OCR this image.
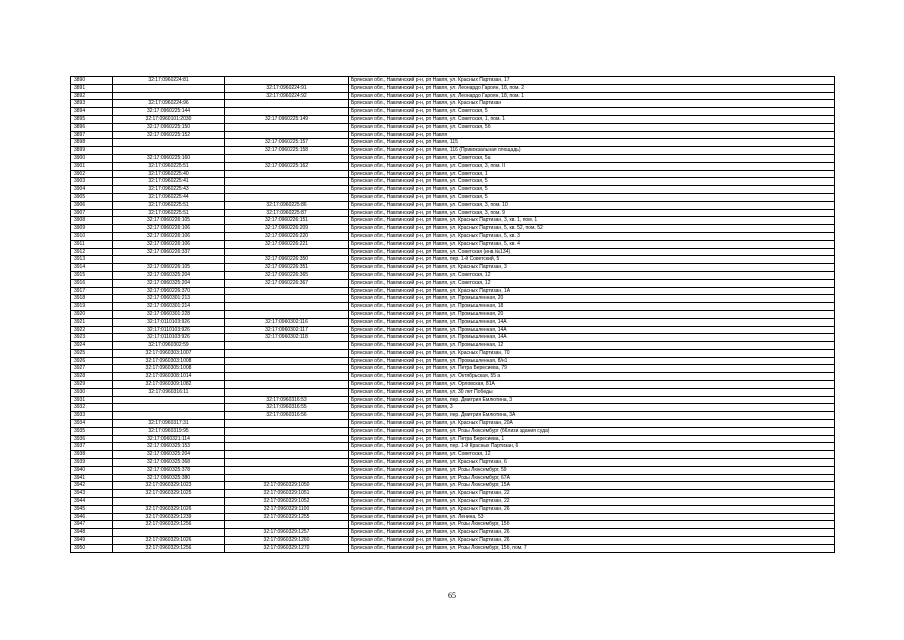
3890	32:17:0960224:81		Брянская обл., Навлинский р-н, рп Навля, ул. Красных Партизан, 17
3891		32:17:0960224:91	Брянская обл., Навлинский р-н, рп Навля, ул. Леонардо Гароян, 18, пом. 2
3892		32:17:0960224:92	Брянская обл., Навлинский р-н, рп Навля, ул. Леонардо Гароян, 18, пом. 1
3893	32:17:0960224:96		Брянская обл., Навлинский р-н, рп Навля, ул. Красных Партизан
3894	32:17:0960225:144		Брянская обл., Навлинский р-н, рп Навля, ул. Советская, 5
3895	32:17:0960101:2030	32:17:0960225:149	Брянская обл., Навлинский р-н, рп Навля, ул. Советская, 1, пом. 1
3896	32:17:0960225:150		Брянская обл., Навлинский р-н, рп Навля, ул. Советская, 5б
3897	32:17:0960225:152		Брянская обл., Навлинский р-н, рп Навля
3898		32:17:0960225:157	Брянская обл., Навлинский р-н, рп Навля, 115
3899		32:17:0960225:158	Брянская обл., Навлинский р-н, рп Навля, 116 (Привокзальная площадь)
3900	32:17:0960225:160		Брянская обл., Навлинский р-н, рп Навля, ул. Советская, 5а
3901	32:17:0960225:51	32:17:0960225:162	Брянская обл., Навлинский р-н, рп Навля, ул. Советская, 3, пом. II
3902	32:17:0960225:40		Брянская обл., Навлинский р-н, рп Навля, ул. Советская, 1
3903	32:17:0960225:41		Брянская обл., Навлинский р-н, рп Навля, ул. Советская, 5
3904	32:17:0960225:43		Брянская обл., Навлинский р-н, рп Навля, ул. Советская, 5
3905	32:17:0960225:44		Брянская обл., Навлинский р-н, рп Навля, ул. Советская, 5
3906	32:17:0960225:51	32:17:0960225:86	Брянская обл., Навлинский р-н, рп Навля, ул. Советская, 3, пом. 10
3907	32:17:0960225:51	32:17:0960225:87	Брянская обл., Навлинский р-н, рп Навля, ул. Советская, 3, пом. 9
3908	32:17:0960226:105	32:17:0960226:151	Брянская обл., Навлинский р-н, рп Навля, ул. Красных Партизан, 3, кв. 1, пом. 1
3909	32:17:0960226:106	32:17:0960226:209	Брянская обл., Навлинский р-н, рп Навля, ул. Красных Партизан, 5, кв. 52, пом. 52
3910	32:17:0960226:106	32:17:0960226:220	Брянская обл., Навлинский р-н, рп Навля, ул. Красных Партизан, 5, кв. 3
3911	32:17:0960226:106	32:17:0960226:221	Брянская обл., Навлинский р-н, рп Навля, ул. Красных Партизан, 5, кв. 4
3912	32:17:0960226:337		Брянская обл., Навлинский р-н, рп Навля, ул. Советская (инв.№134)
3913		32:17:0960226:350	Брянская обл., Навлинский р-н, рп Навля, пер. 1-й Советский, 5
3914	32:17:0960226:105	32:17:0960226:351	Брянская обл., Навлинский р-н, рп Навля, ул. Красных Партизан, 3
3915	32:17:0960325:204	32:17:0960226:365	Брянская обл., Навлинский р-н, рп Навля, ул. Советская, 12
3916	32:17:0960325:204	32:17:0960226:367	Брянская обл., Навлинский р-н, рп Навля, ул. Советская, 12
3917	32:17:0960226:370		Брянская обл., Навлинский р-н, рп Навля, ул. Красных Партизан, 1А
3918	32:17:0960301:213		Брянская обл., Навлинский р-н, рп Навля, ул. Промышленная, 20
3919	32:17:0960301:214		Брянская обл., Навлинский р-н, рп Навля, ул. Промышленная, 18
3920	32:17:0960301:228		Брянская обл., Навлинский р-н, рп Навля, ул. Промышленная, 20
3921	32:17:0110103:926	32:17:0960302:116	Брянская обл., Навлинский р-н, рп Навля, ул. Промышленная, 14А
3922	32:17:0110103:926	32:17:0960302:117	Брянская обл., Навлинский р-н, рп Навля, ул. Промышленная, 14А
3923	32:17:0110103:926	32:17:0960302:118	Брянская обл., Навлинский р-н, рп Навля, ул. Промышленная, 14А
3924	32:17:0960302:59		Брянская обл., Навлинский р-н, рп Навля, ул. Промышленная, 12
3925	32:17:0960303:1007		Брянская обл., Навлинский р-н, рп Навля, ул. Красных Партизан, 70
3926	32:17:0960303:1008		Брянская обл., Навлинский р-н, рп Навля, ул. Промышленная, 8/н1
3927	32:17:0960305:1008		Брянская обл., Навлинский р-н, рп Навля, ул. Петра Бересиева, 79
3928	32:17:0960308:1014		Брянская обл., Навлинский р-н, рп Навля, ул. Октябрьская, 55 а
3929	32:17:0960309:1082		Брянская обл., Навлинский р-н, рп Навля, ул. Орловская, 81А
3930	32:17:0960316:11		Брянская обл., Навлинский р-н, рп Навля, ул. 30 лет Победы
3931		32:17:0960316:53	Брянская обл., Навлинский р-н, рп Навля, пер. Дмитрия Емлютина, 3
3932		32:17:0960316:55	Брянская обл., Навлинский р-н, рп Навля, 3
3933		32:17:0960316:56	Брянская обл., Навлинский р-н, рп Навля, пер. Дмитрия Емлютина, 3А
3934	32:17:0960317:31		Брянская обл., Навлинский р-н, рп Навля, ул. Красных Партизан, 20А
3935	32:17:0960319:95		Брянская обл., Навлинский р-н, рп Навля, ул. Розы Люксембург (б6лизи здания суда)
3936	32:17:0960321:114		Брянская обл., Навлинский р-н, рп Навля, ул. Петра Бересиева, 1
3937	32:17:0960325:153		Брянская обл., Навлинский р-н, рп Навля, пер. 1-й Красных Партизан, 6
3938	32:17:0960325:204		Брянская обл., Навлинский р-н, рп Навля, ул. Советская, 12
3939	32:17:0960325:368		Брянская обл., Навлинский р-н, рп Навля, ул. Красных Партизан, 6
3940	32:17:0960325:378		Брянская обл., Навлинский р-н, рп Навля, ул. Розы Люксембург, 59
3941	32:17:0960325:380		Брянская обл., Навлинский р-н, рп Навля, ул. Розы Люксембург, 67А
3942	32:17:0960329:1023	32:17:0960329:1050	Брянская обл., Навлинский р-н, рп Навля, ул. Розы Люксембург, 15А
3943	32:17:0960329:1025	32:17:0960329:1051	Брянская обл., Навлинский р-н, рп Навля, ул. Красных Партизан, 22
3944		32:17:0960329:1052	Брянская обл., Навлинский р-н, рп Навля, ул. Красных Партизан, 22
3945	32:17:0960329:1026	32:17:0960329:1100	Брянская обл., Навлинский р-н, рп Навля, ул. Красных Партизан, 26
3946	32:17:0960329:1239	32:17:0960329:1255	Брянская обл., Навлинский р-н, рп Навля, ул. Ленина, 53
3947	32:17:0960329:1256		Брянская обл., Навлинский р-н, рп Навля, ул. Розы Люксембург, 15б
3948		32:17:0960329:1257	Брянская обл., Навлинский р-н, рп Навля, ул. Красных Партизан, 26
3949	32:17:0960329:1026	32:17:0960329:1260	Брянская обл., Навлинский р-н, рп Навля, ул. Красных Партизан, 26
3950	32:17:0960329:1256	32:17:0960329:1270	Брянская обл., Навлинский р-н, рп Навля, ул. Розы Люксембург, 15б, пом. 7
65
